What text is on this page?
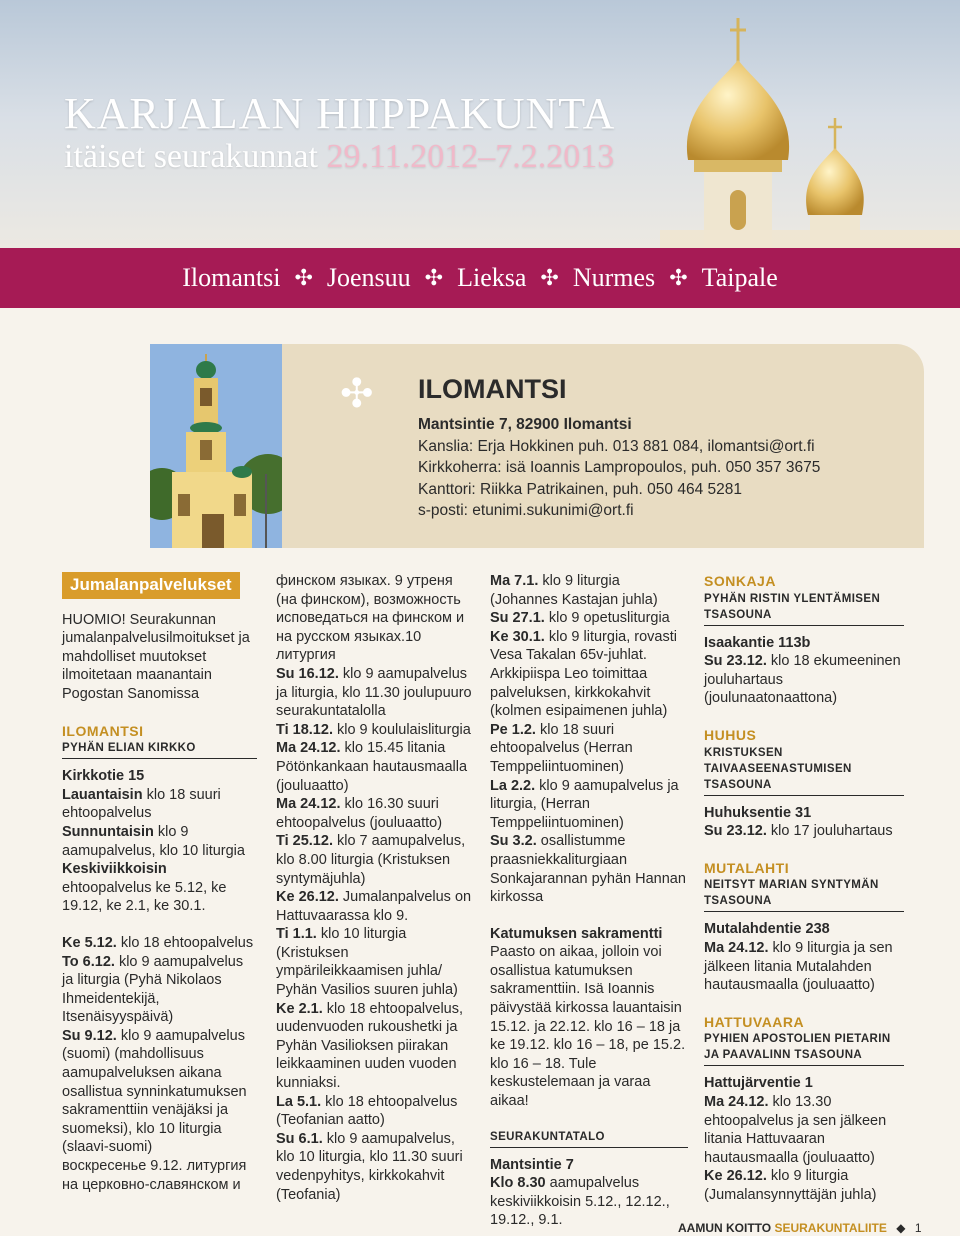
KARJALAN HIIPPAKUNTA
itäiset seurakunnat 29.11.2012–7.2.2013
Ilomantsi ✣ Joensuu ✣ Lieksa ✣ Nurmes ✣ Taipale
✣ ILOMANTSI
Mantsintie 7, 82900 Ilomantsi
Kanslia: Erja Hokkinen puh. 013 881 084, ilomantsi@ort.fi
Kirkkoherra: isä Ioannis Lampropoulos, puh. 050 357 3675
Kanttori: Riikka Patrikainen, puh. 050 464 5281
s-posti: etunimi.sukunimi@ort.fi
Jumalanpalvelukset

HUOMIO! Seurakunnan jumalanpalvelusilmoitukset ja mahdolliset muutokset ilmoitetaan maanantain Pogostan Sanomissa

ILOMANTSI
PYHÄN ELIAN KIRKKO
Kirkkotie 15

Lauantaisin klo 18 suuri ehtoopalvelus

Sunnuntaisin klo 9 aamupalvelus, klo 10 liturgia

Keskiviikkoisin ehtoopalvelus ke 5.12, ke 19.12, ke 2.1, ke 30.1.

Ke 5.12. klo 18 ehtoopalvelus

To 6.12. klo 9 aamupalvelus ja liturgia (Pyhä Nikolaos Ihmeidentekijä, Itsenäisyyspäivä)

Su 9.12. klo 9 aamupalvelus (suomi) (mahdollisuus aamupalveluksen aikana osallistua synninkatumuksen sakramenttiin venäjäksi ja suomeksi), klo 10 liturgia (slaavi-suomi)

воскресенье 9.12. литургия на церковно-славянском и

финском языках. 9 утреня (на финском), возможность исповедаться на финском и на русском языках.10 литургия

Su 16.12. klo 9 aamupalvelus ja liturgia, klo 11.30 joulupuuro seurakuntatalolla

Ti 18.12. klo 9 koululaisliturgia

Ma 24.12. klo 15.45 litania Pötönkankaan hautausmaalla (jouluaatto)

Ma 24.12. klo 16.30 suuri ehtoopalvelus (jouluaatto)

Ti 25.12. klo 7 aamupalvelus, klo 8.00 liturgia (Kristuksen syntymäjuhla)

Ke 26.12. Jumalanpalvelus on Hattuvaarassa klo 9.

Ti 1.1. klo 10 liturgia (Kristuksen ympärileikkaamisen juhla/ Pyhän Vasilios suuren juhla)

Ke 2.1. klo 18 ehtoopalvelus, uudenvuoden rukoushetki ja Pyhän Vasilioksen piirakan leikkaaminen uuden vuoden kunniaksi.

La 5.1. klo 18 ehtoopalvelus (Teofanian aatto)

Su 6.1. klo 9 aamupalvelus, klo 10 liturgia, klo 11.30 suuri vedenpyhitys, kirkkokahvit (Teofania)

Ma 7.1. klo 9 liturgia (Johannes Kastajan juhla)

Su 27.1. klo 9 opetusliturgia

Ke 30.1. klo 9 liturgia, rovasti Vesa Takalan 65v-juhlat. Arkkipiispa Leo toimittaa palveluksen, kirkkokahvit (kolmen esipaimenen juhla)

Pe 1.2. klo 18 suuri ehtoopalvelus (Herran Temppeliintuominen)

La 2.2. klo 9 aamupalvelus ja liturgia, (Herran Temppeliintuominen)

Su 3.2. osallistumme praasniekkaliturgiaan Sonkajarannan pyhän Hannan kirkossa

Katumuksen sakramentti

Paasto on aikaa, jolloin voi osallistua katumuksen sakramenttiin. Isä Ioannis päivystää kirkossa lauantaisin 15.12. ja 22.12. klo 16 – 18 ja ke 19.12. klo 16 – 18, pe 15.2. klo 16 – 18. Tule keskustelemaan ja varaa aikaa!

SEURAKUNTATALO
Mantsintie 7

Klo 8.30 aamupalvelus keskiviikkoisin 5.12., 12.12., 19.12., 9.1.

SONKAJA
PYHÄN RISTIN YLENTÄMISEN TSASOUNA
Isaakantie 113b

Su 23.12. klo 18 ekumeeninen jouluhartaus (joulunaatonaattona)

HUHUS
KRISTUKSEN TAIVAASEENASTUMISEN TSASOUNA
Huhuksentie 31

Su 23.12. klo 17 jouluhartaus

MUTALAHTI
NEITSYT MARIAN SYNTYMÄN TSASOUNA
Mutalahdentie 238

Ma 24.12. klo 9 liturgia ja sen jälkeen litania Mutalahden hautausmaalla (jouluaatto)

HATTUVAARA
PYHIEN APOSTOLIEN PIETARIN JA PAAVALINN TSASOUNA
Hattujärventie 1

Ma 24.12. klo 13.30 ehtoopalvelus ja sen jälkeen litania Hattuvaaran hautausmaalla (jouluaatto)

Ke 26.12. klo 9 liturgia (Jumalansynnyttäjän juhla)

AAMUN KOITTO SEURAKUNTALIITE ◆ 1
